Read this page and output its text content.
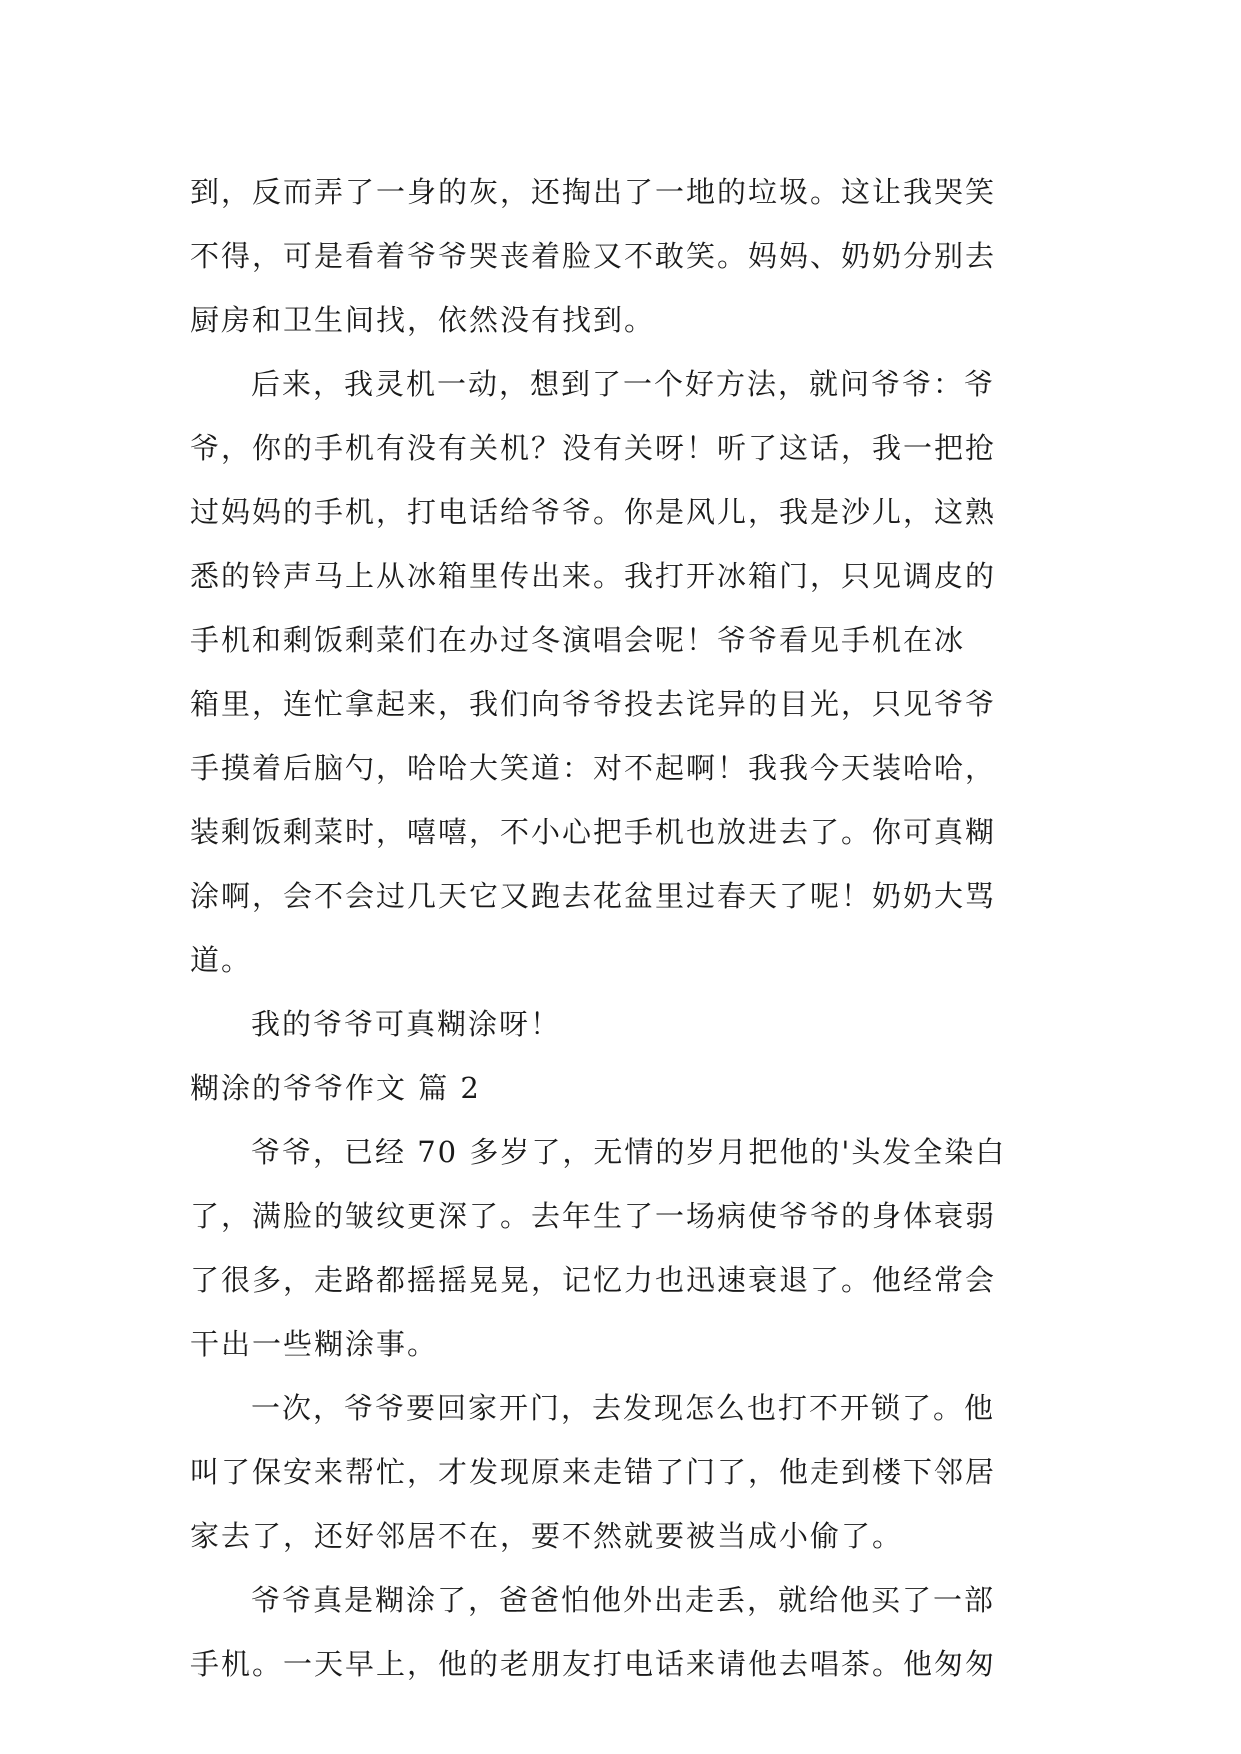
到，反而弄了一身的灰，还掏出了一地的垃圾。这让我哭笑
不得，可是看着爷爷哭丧着脸又不敢笑。妈妈、奶奶分别去
厨房和卫生间找，依然没有找到。
后来，我灵机一动，想到了一个好方法，就问爷爷：爷
爷，你的手机有没有关机？没有关呀！听了这话，我一把抢
过妈妈的手机，打电话给爷爷。你是风儿，我是沙儿，这熟
悉的铃声马上从冰箱里传出来。我打开冰箱门，只见调皮的
手机和剩饭剩菜们在办过冬演唱会呢！爷爷看见手机在冰
箱里，连忙拿起来，我们向爷爷投去诧异的目光，只见爷爷
手摸着后脑勺，哈哈大笑道：对不起啊！我我今天装哈哈，
装剩饭剩菜时，嘻嘻，不小心把手机也放进去了。你可真糊
涂啊，会不会过几天它又跑去花盆里过春天了呢！奶奶大骂
道。
我的爷爷可真糊涂呀！
糊涂的爷爷作文 篇 2
爷爷，已经 70 多岁了，无情的岁月把他的'头发全染白
了，满脸的皱纹更深了。去年生了一场病使爷爷的身体衰弱
了很多，走路都摇摇晃晃，记忆力也迅速衰退了。他经常会
干出一些糊涂事。
一次，爷爷要回家开门，去发现怎么也打不开锁了。他
叫了保安来帮忙，才发现原来走错了门了，他走到楼下邻居
家去了，还好邻居不在，要不然就要被当成小偷了。
爷爷真是糊涂了，爸爸怕他外出走丢，就给他买了一部
手机。一天早上，他的老朋友打电话来请他去唱茶。他匆匆
